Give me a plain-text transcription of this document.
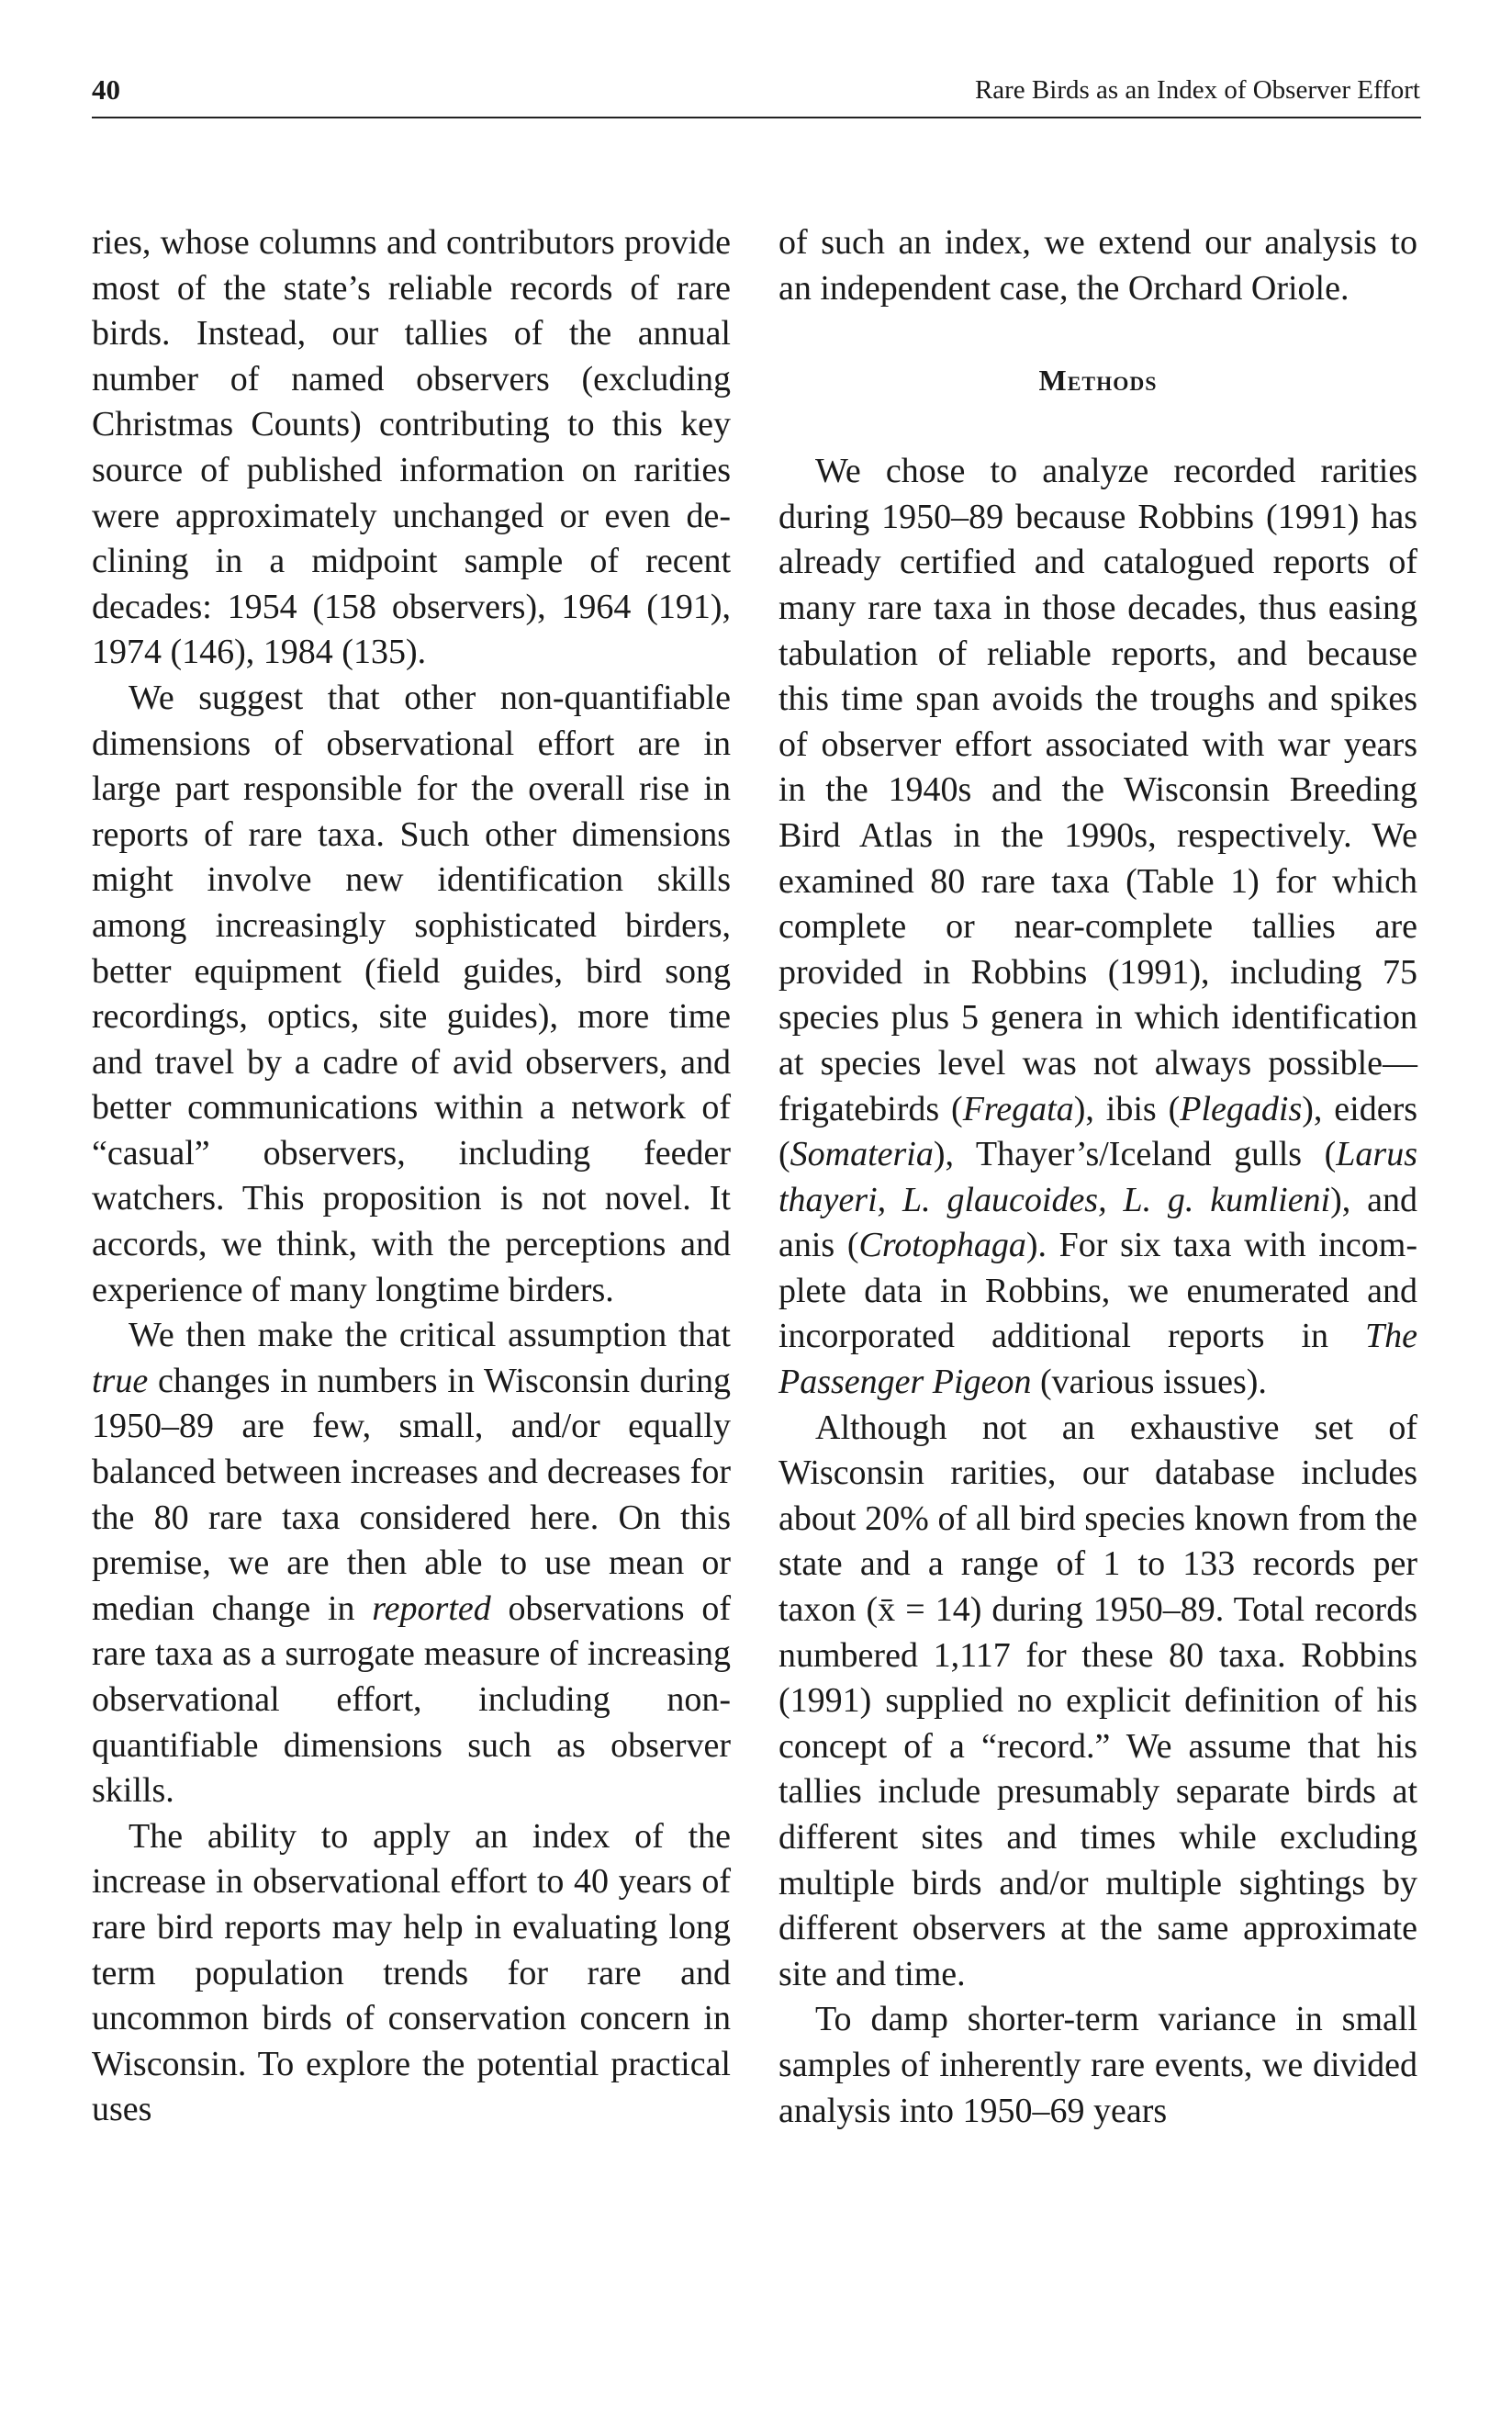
40	Rare Birds as an Index of Observer Effort

ries, whose columns and contributors provide most of the state’s reliable records of rare birds. Instead, our tallies of the annual number of named observers (excluding Christmas Counts) contributing to this key source of published information on rarities were approximately unchanged or even declining in a midpoint sample of recent decades: 1954 (158 observers), 1964 (191), 1974 (146), 1984 (135).

We suggest that other non-quantifiable dimensions of observational effort are in large part responsible for the overall rise in reports of rare taxa. Such other dimensions might involve new identification skills among increasingly sophisticated birders, better equipment (field guides, bird song recordings, optics, site guides), more time and travel by a cadre of avid observers, and better communications within a network of “casual” observers, including feeder watchers. This proposition is not novel. It accords, we think, with the perceptions and experience of many longtime birders.

We then make the critical assumption that true changes in numbers in Wisconsin during 1950–89 are few, small, and/or equally balanced between increases and decreases for the 80 rare taxa considered here. On this premise, we are then able to use mean or median change in reported observations of rare taxa as a surrogate measure of increasing observational effort, including non-quantifiable dimensions such as observer skills.

The ability to apply an index of the increase in observational effort to 40 years of rare bird reports may help in evaluating long term population trends for rare and uncommon birds of conservation concern in Wisconsin. To explore the potential practical uses

of such an index, we extend our analysis to an independent case, the Orchard Oriole.

Methods

We chose to analyze recorded rarities during 1950–89 because Robbins (1991) has already certified and catalogued reports of many rare taxa in those decades, thus easing tabulation of reliable reports, and because this time span avoids the troughs and spikes of observer effort associated with war years in the 1940s and the Wisconsin Breeding Bird Atlas in the 1990s, respectively. We examined 80 rare taxa (Table 1) for which complete or near-complete tallies are provided in Robbins (1991), including 75 species plus 5 genera in which identification at species level was not always possible—frigatebirds (Fregata), ibis (Plegadis), eiders (Somateria), Thayer’s/Iceland gulls (Larus thayeri, L. glaucoides, L. g. kumlieni), and anis (Crotophaga). For six taxa with incomplete data in Robbins, we enumerated and incorporated additional reports in The Passenger Pigeon (various issues).

Although not an exhaustive set of Wisconsin rarities, our database includes about 20% of all bird species known from the state and a range of 1 to 133 records per taxon (x̄ = 14) during 1950–89. Total records numbered 1,117 for these 80 taxa. Robbins (1991) supplied no explicit definition of his concept of a “record.” We assume that his tallies include presumably separate birds at different sites and times while excluding multiple birds and/or multiple sightings by different observers at the same approximate site and time.

To damp shorter-term variance in small samples of inherently rare events, we divided analysis into 1950–69 years
